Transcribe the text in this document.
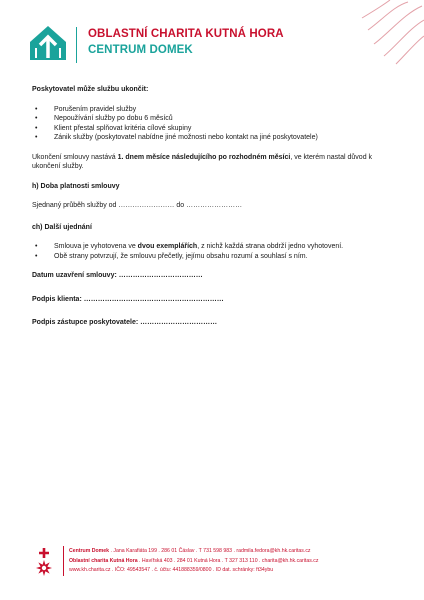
OBLASTNÍ CHARITA KUTNÁ HORA
CENTRUM DOMEK
Poskytovatel může službu ukončit:
• Porušením pravidel služby
• Nepoužívání služby po dobu 6 měsíců
• Klient přestal splňovat kritéria cílové skupiny
• Zánik služby (poskytovatel nabídne jiné možnosti nebo kontakt na jiné poskytovatele)
Ukončení smlouvy nastává 1. dnem měsíce následujícího po rozhodném měsíci, ve kterém nastal důvod k ukončení služby.
h) Doba platnosti smlouvy
Sjednaný průběh služby od …………………… do ……………………
ch) Další ujednání
• Smlouva je vyhotovena ve dvou exemplářích, z nichž každá strana obdrží jedno vyhotovení.
• Obě strany potvrzují, že smlouvu přečetly, jejímu obsahu rozumí a souhlasí s ním.
Datum uzavření smlouvy: ………………………………
Podpis klienta: ……………………………………………………
Podpis zástupce poskytovatele: ……………………………
Centrum Domek . Jana Karafiáta 199 . 286 01 Čáslav . T 731 598 983 . radmila.fedora@kh.hk.caritas.cz
Oblastní charita Kutná Hora . Havířská 403 . 284 01 Kutná Hora . T 327 313 110 . charita@kh.hk.caritas.cz
www.kh.charita.cz . IČO: 49543547 . č. účtu: 441888359/0800 . ID dat. schránky: ft34ybu
